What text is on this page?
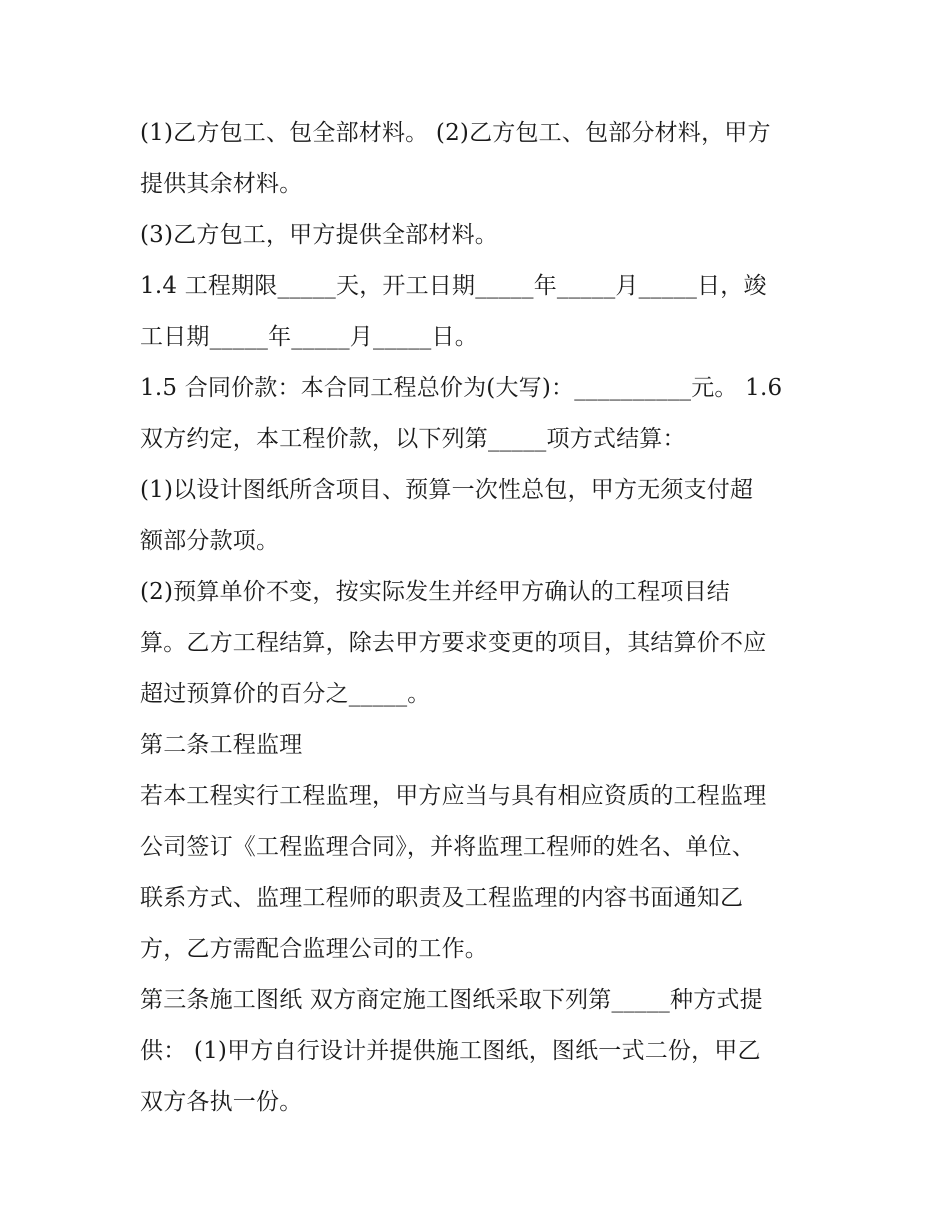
(1)乙方包工、包全部材料。 (2)乙方包工、包部分材料，甲方
提供其余材料。
(3)乙方包工，甲方提供全部材料。
1.4 工程期限_____天，开工日期_____年_____月_____日，竣
工日期_____年_____月_____日。
1.5 合同价款：本合同工程总价为(大写)：__________元。 1.6
双方约定，本工程价款，以下列第_____项方式结算：
(1)以设计图纸所含项目、预算一次性总包，甲方无须支付超
额部分款项。
(2)预算单价不变，按实际发生并经甲方确认的工程项目结
算。乙方工程结算，除去甲方要求变更的项目，其结算价不应
超过预算价的百分之_____。
第二条工程监理
若本工程实行工程监理，甲方应当与具有相应资质的工程监理
公司签订《工程监理合同》，并将监理工程师的姓名、单位、
联系方式、监理工程师的职责及工程监理的内容书面通知乙
方，乙方需配合监理公司的工作。
第三条施工图纸 双方商定施工图纸采取下列第_____种方式提
供： (1)甲方自行设计并提供施工图纸，图纸一式二份，甲乙
双方各执一份。
